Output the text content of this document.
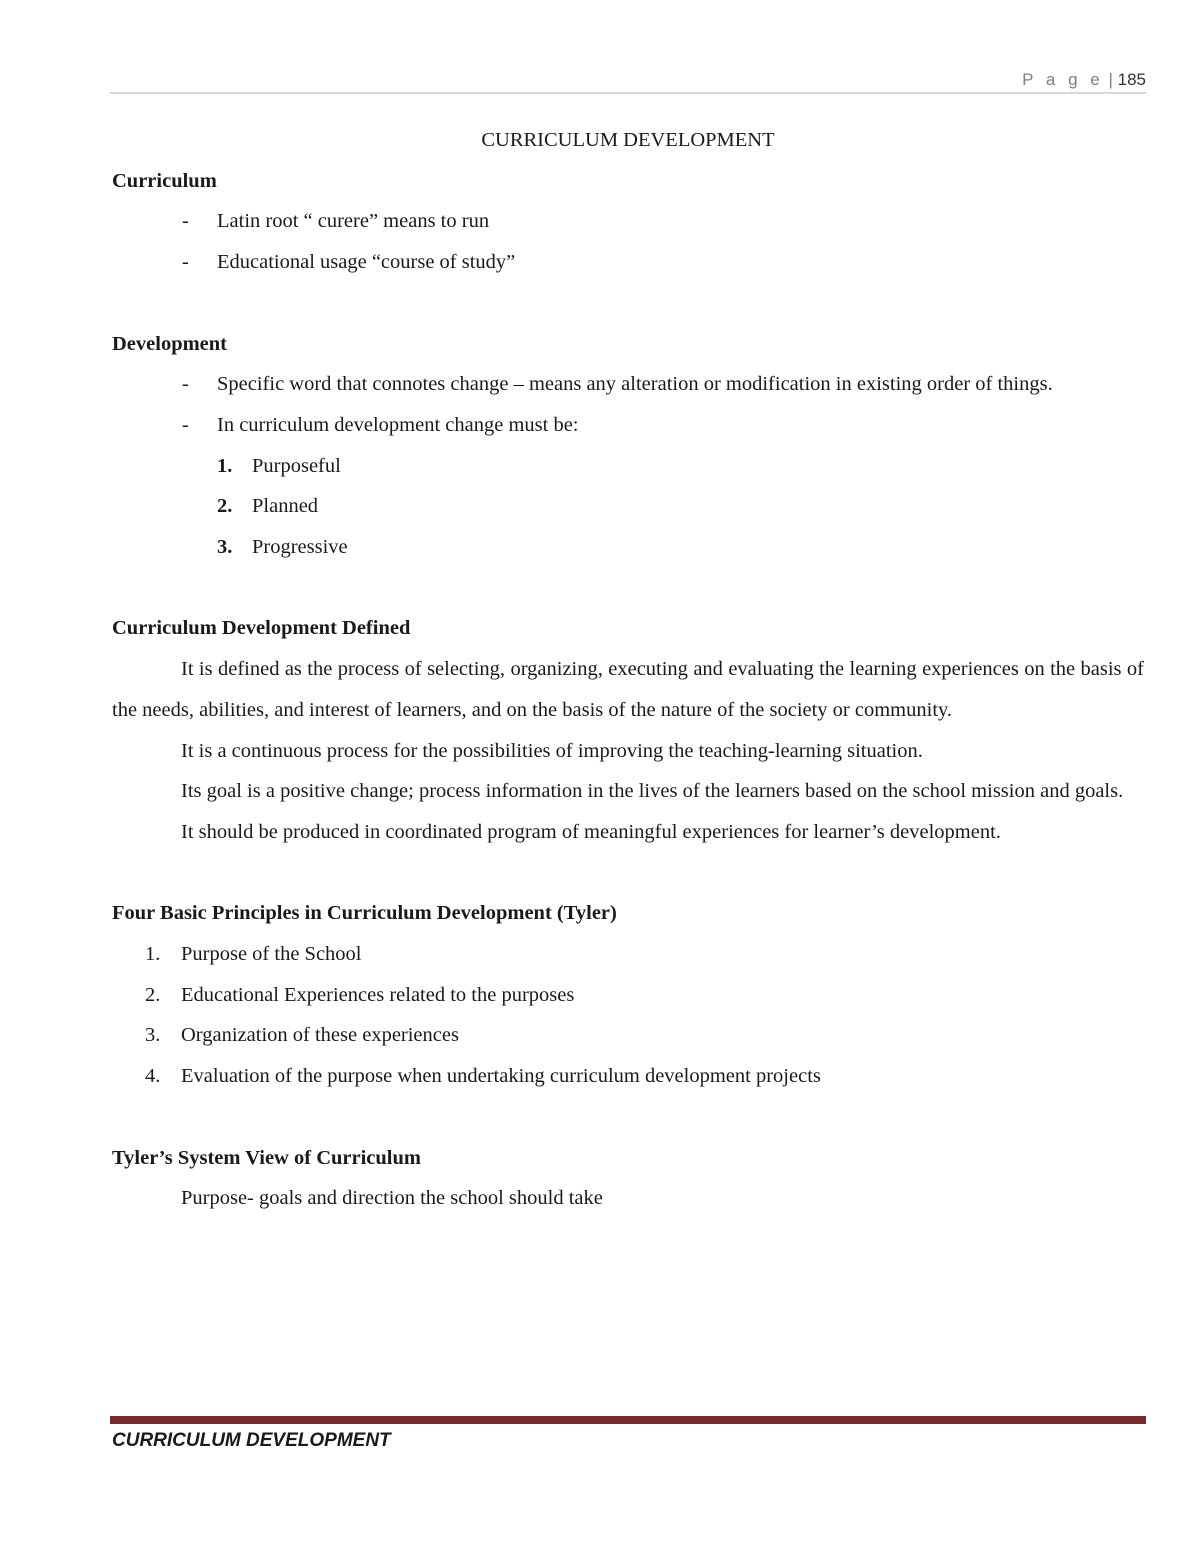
P a g e | 185
CURRICULUM DEVELOPMENT
Curriculum
- Latin root “ curere” means to run
- Educational usage “course of study”
Development
- Specific word that connotes change – means any alteration or modification in existing order of things.
- In curriculum development change must be:
1. Purposeful
2. Planned
3. Progressive
Curriculum Development Defined

It is defined as the process of selecting, organizing, executing and evaluating the learning experiences on the basis of the needs, abilities, and interest of learners, and on the basis of the nature of the society or community.

It is a continuous process for the possibilities of improving the teaching-learning situation.

Its goal is a positive change; process information in the lives of the learners based on the school mission and goals.

It should be produced in coordinated program of meaningful experiences for learner’s development.

Four Basic Principles in Curriculum Development (Tyler)
1. Purpose of the School
2. Educational Experiences related to the purposes
3. Organization of these experiences
4. Evaluation of the purpose when undertaking curriculum development projects
Tyler’s System View of Curriculum
Purpose- goals and direction the school should take
CURRICULUM DEVELOPMENT
